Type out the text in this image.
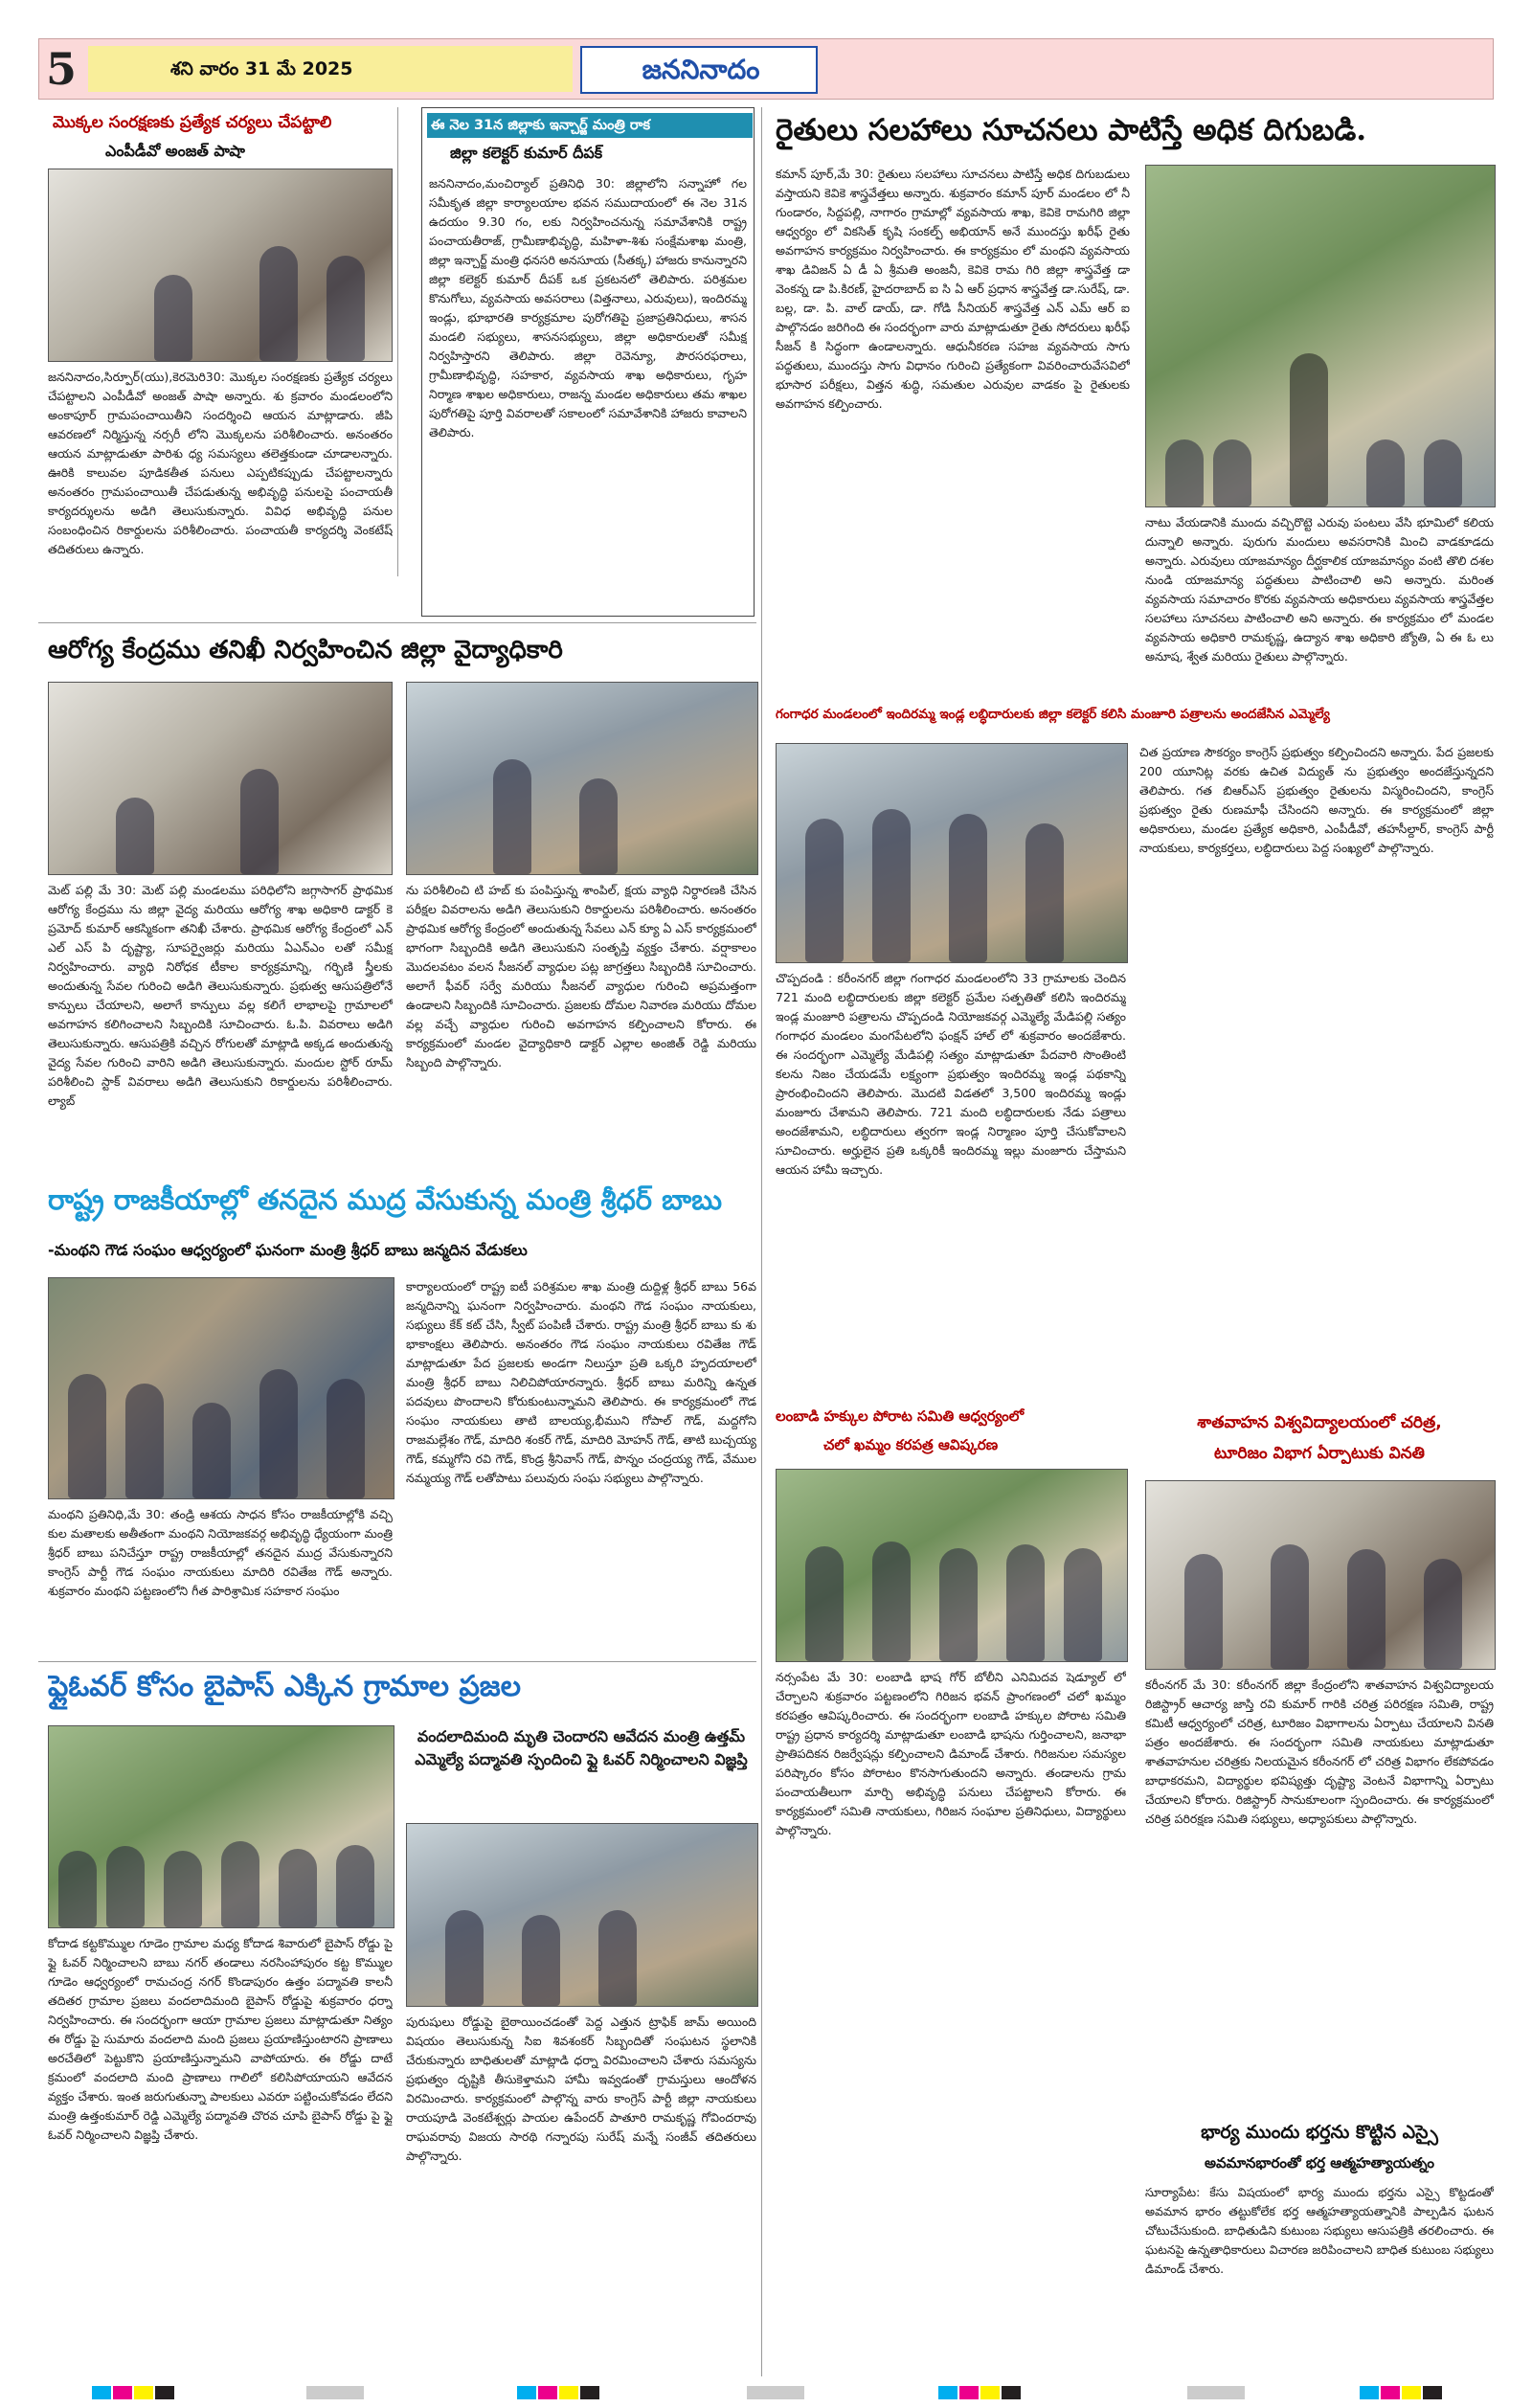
5	శని వారం 31 మే 2025	జననినాదం
మొక్కల సంరక్షణకు ప్రత్యేక చర్యలు చేపట్టాలి
ఎంపీడీవో అంజత్ పాషా
జననినాదం,సిర్పూర్(యు),కెరమెరి30: మొక్కల సంరక్షణకు ప్రత్యేక చర్యలు చేపట్టాలని ఎంపీడీవో అంజత్ పాషా అన్నారు. శు క్రవారం మండలంలోని అంకాపూర్ గ్రామపంచాయితీని సందర్శించి ఆయన మాట్లాడారు. జీపి ఆవరణలో నిర్మిస్తున్న నర్సరీ లోని మొక్కలను పరిశీలించారు. అనంతరం ఆయన మాట్లాడుతూ పారిశు ధ్య సమస్యలు తలెత్తకుండా చూడాలన్నారు. ఊరికి కాలువల పూడికతీత పనులు ఎప్పటికప్పుడు చేపట్టాలన్నారు అనంతరం గ్రామపంచాయితీ చేపడుతున్న అభివృద్ధి పనులపై పంచాయతీ కార్యదర్శులను అడిగి తెలుసుకున్నారు. వివిధ అభివృద్ధి పనుల సంబంధించిన రికార్డులను పరిశీలించారు. పంచాయతీ కార్యదర్శి వెంకటేష్ తదితరులు ఉన్నారు.
ఈ నెల 31న జిల్లాకు ఇన్చార్జ్ మంత్రి రాక
జిల్లా కలెక్టర్ కుమార్ దీపక్
జననినాదం,మంచిర్యాల్ ప్రతినిధి 30: జిల్లాలోని సన్నాహో గల సమీకృత జిల్లా కార్యాలయాల భవన సముదాయంలో ఈ నెల 31న ఉదయం 9.30 గం, లకు నిర్వహించనున్న సమావేశానికి రాష్ట్ర పంచాయతీరాజ్, గ్రామీణాభివృద్ధి, మహిళా-శిశు సంక్షేమశాఖ మంత్రి, జిల్లా ఇన్చార్జ్ మంత్రి ధనసరి అనసూయ (సీతక్క) హాజరు కానున్నారని జిల్లా కలెక్టర్ కుమార్ దీపక్ ఒక ప్రకటనలో తెలిపారు. పరిశ్రమల కొనుగోలు, వ్యవసాయ అవసరాలు (విత్తనాలు, ఎరువులు), ఇందిరమ్మ ఇండ్లు, భూభారతి కార్యక్రమాల పురోగతిపై ప్రజాప్రతినిధులు, శాసన మండలి సభ్యులు, శాసనసభ్యులు, జిల్లా అధికారులతో సమీక్ష నిర్వహిస్తారని తెలిపారు. జిల్లా రెవెన్యూ, పౌరసరఫరాలు, గ్రామీణాభివృద్ధి, సహకార, వ్యవసాయ శాఖ అధికారులు, గృహ నిర్మాణ శాఖల అధికారులు, రాజన్న మండల అధికారులు తమ శాఖల పురోగతిపై పూర్తి వివరాలతో సకాలంలో సమావేశానికి హాజరు కావాలని తెలిపారు.
రైతులు సలహాలు సూచనలు పాటిస్తే అధిక దిగుబడి.
కమాన్ పూర్,మే 30: రైతులు సలహాలు సూచనలు పాటిస్తే అధిక దిగుబడులు వస్తాయని కెవికె శాస్త్రవేత్తలు అన్నారు. శుక్రవారం కమాన్ పూర్ మండలం లో నీ గుండారం, సిద్దపల్లి, నాగారం గ్రామాల్లో వ్యవసాయ శాఖ, కెవికె రామగిరి జిల్లా ఆధ్వర్యం లో వికసిత్ కృషి సంకల్ప్ అభియాన్ అనే ముందస్తు ఖరీఫ్ రైతు అవగాహన కార్యక్రమం నిర్వహించారు. ఈ కార్యక్రమం లో మంథని వ్యవసాయ శాఖ డివిజన్ ఏ డీ ఏ శ్రీమతి అంజనీ, కెవికె రామ గిరి జిల్లా శాస్త్రవేత్త డా వెంకన్న డా పి.కిరణ్, హైదరాబాద్ ఐ సి ఏ ఆర్ ప్రధాన శాస్త్రవేత్త డా.సురేష్, డా. బల్ల, డా. పి. వాల్ డాయ్, డా. గోడి సీనియర్ శాస్త్రవేత్త ఎన్ ఎమ్ ఆర్ ఐ పాల్గొనడం జరిగింది ఈ సందర్భంగా వారు మాట్లాడుతూ రైతు సోదరులు ఖరీఫ్ సీజన్ కి సిద్ధంగా ఉండాలన్నారు. ఆధునీకరణ సహజ వ్యవసాయ సాగు పద్ధతులు, ముందస్తు సాగు విధానం గురించి ప్రత్యేకంగా వివరించారువేసవిలో భూసార పరీక్షలు, విత్తన శుద్ధి, సమతుల ఎరువుల వాడకం పై రైతులకు అవగాహన కల్పించారు.
నాటు వేయడానికి ముందు వచ్చిరొట్టె ఎరువు పంటలు వేసి భూమిలో కలియ దున్నాలి అన్నారు. పురుగు మందులు అవసరానికి మించి వాడకూడదు అన్నారు. ఎరువులు యాజమాన్యం దీర్ఘకాలిక యాజమాన్యం వంటి తొలి దశల నుండి యాజమాన్య పద్ధతులు పాటించాలి అని అన్నారు. మరింత వ్యవసాయ సమాచారం కొరకు వ్యవసాయ అధికారులు వ్యవసాయ శాస్త్రవేత్తల సలహాలు సూచనలు పాటించాలి అని అన్నారు. ఈ కార్యక్రమం లో మండల వ్యవసాయ అధికారి రామకృష్ణ, ఉద్యాన శాఖ అధికారి జ్యోతి, ఏ ఈ ఓ లు అనూష, శ్వేత మరియు రైతులు పాల్గొన్నారు.
ఆరోగ్య కేంద్రము తనిఖీ నిర్వహించిన జిల్లా వైద్యాధికారి
మెట్ పల్లి మే 30: మెట్ పల్లి మండలము పరిధిలోని జగ్గాసాగర్ ప్రాథమిక ఆరోగ్య కేంద్రము ను జిల్లా వైద్య మరియు ఆరోగ్య శాఖ అధికారి డాక్టర్ కె ప్రమోద్ కుమార్ ఆకస్మికంగా తనిఖీ చేశారు. ప్రాథమిక ఆరోగ్య కేంద్రంలో ఎన్ ఎల్ ఎస్ పి దృష్ట్యా, సూపర్వైజర్లు మరియు ఏఎన్ఎం లతో సమీక్ష నిర్వహించారు. వ్యాధి నిరోధక టీకాల కార్యక్రమాన్ని, గర్భిణి స్త్రీలకు అందుతున్న సేవల గురించి అడిగి తెలుసుకున్నారు. ప్రభుత్వ ఆసుపత్రిలోనే కాన్పులు చేయాలని, అలాగే కాన్పులు వల్ల కలిగే లాభాలపై గ్రామాలలో అవగాహన కలిగించాలని సిబ్బందికి సూచించారు. ఓ.పి. వివరాలు అడిగి తెలుసుకున్నారు. ఆసుపత్రికి వచ్చిన రోగులతో మాట్లాడి అక్కడ అందుతున్న వైద్య సేవల గురించి వారిని అడిగి తెలుసుకున్నారు. మందుల స్టోర్ రూమ్ పరిశీలించి స్టాక్ వివరాలు అడిగి తెలుసుకుని రికార్డులను పరిశీలించారు. ల్యాబ్
ను పరిశీలించి టి హబ్ కు పంపిస్తున్న శాంపిల్, క్షయ వ్యాధి నిర్ధారణకి చేసిన పరీక్షల వివరాలను అడిగి తెలుసుకుని రికార్డులను పరిశీలించారు. అనంతరం ప్రాథమిక ఆరోగ్య కేంద్రంలో అందుతున్న సేవలు ఎన్ క్యూ ఏ ఎస్ కార్యక్రమంలో భాగంగా సిబ్బందికి అడిగి తెలుసుకుని సంతృప్తి వ్యక్తం చేశారు. వర్షాకాలం మొదలవటం వలన సీజనల్ వ్యాధుల పట్ల జాగ్రత్తలు సిబ్బందికి సూచించారు. అలాగే ఫీవర్ సర్వే మరియు సీజనల్ వ్యాధుల గురించి అప్రమత్తంగా ఉండాలని సిబ్బందికి సూచించారు. ప్రజలకు దోమల నివారణ మరియు దోమల వల్ల వచ్చే వ్యాధుల గురించి అవగాహన కల్పించాలని కోరారు. ఈ కార్యక్రమంలో మండల వైద్యాధికారి డాక్టర్ ఎల్లాల అంజిత్ రెడ్డి మరియు సిబ్బంది పాల్గొన్నారు.
రాష్ట్ర రాజకీయాల్లో తనదైన ముద్ర వేసుకున్న మంత్రి శ్రీధర్ బాబు
-మంథని గౌడ సంఘం ఆధ్వర్యంలో ఘనంగా మంత్రి శ్రీధర్ బాబు జన్మదిన వేడుకలు
మంథని ప్రతినిధి,మే 30: తండ్రి ఆశయ సాధన కోసం రాజకీయాల్లోకి వచ్చి కుల మతాలకు అతీతంగా మంథని నియోజకవర్గ అభివృద్ధి ధ్యేయంగా మంత్రి శ్రీధర్ బాబు పనిచేస్తూ రాష్ట్ర రాజకీయాల్లో తనదైన ముద్ర వేసుకున్నారని కాంగ్రెస్ పార్టీ గౌడ సంఘం నాయకులు మాదిరి రవితేజ గౌడ్ అన్నారు. శుక్రవారం మంథని పట్టణంలోని గీత పారిశ్రామిక సహకార సంఘం
కార్యాలయంలో రాష్ట్ర ఐటీ పరిశ్రమల శాఖ మంత్రి దుద్దిళ్ల శ్రీధర్ బాబు 56వ జన్మదినాన్ని ఘనంగా నిర్వహించారు. మంథని గౌడ సంఘం నాయకులు, సభ్యులు కేక్ కట్ చేసి, స్వీట్ పంపిణీ చేశారు. రాష్ట్ర మంత్రి శ్రీధర్ బాబు కు శు భాకాంక్షలు తెలిపారు. అనంతరం గౌడ సంఘం నాయకులు రవితేజ గౌడ్ మాట్లాడుతూ పేద ప్రజలకు అండగా నిలుస్తూ ప్రతి ఒక్కరి హృదయాలలో మంత్రి శ్రీధర్ బాబు నిలిచిపోయారన్నారు. శ్రీధర్ బాబు మరిన్ని ఉన్నత పదవులు పొందాలని కోరుకుంటున్నామని తెలిపారు. ఈ కార్యక్రమంలో గౌడ సంఘం నాయకులు తాటి బాలయ్య,భీముని గోపాల్ గౌడ్, మద్దగోని రాజమల్లేశం గౌడ్, మాదిరి శంకర్ గౌడ్, మాదిరి మోహన్ గౌడ్, తాటి బుచ్చయ్య గౌడ్, కమ్మగోని రవి గౌడ్, కొండ్ర శ్రీనివాస్ గౌడ్, పొన్నం చంద్రయ్య గౌడ్, వేముల నమ్మయ్య గౌడ్ లతోపాటు పలువురు సంఘ సభ్యులు పాల్గొన్నారు.
ఫ్లైఓవర్ కోసం బైపాస్ ఎక్కిన గ్రామాల ప్రజల
వందలాదిమంది మృతి చెందారని ఆవేదన మంత్రి ఉత్తమ్ ఎమ్మెల్యే పద్మావతి స్పందించి ఫ్లై ఓవర్ నిర్మించాలని విజ్ఞప్తి
కోదాడ కట్టకొమ్ముల గూడెం గ్రామాల మధ్య కోదాడ శివారులో బైపాస్ రోడ్డు పై ఫ్లై ఓవర్ నిర్మించాలని బాబు నగర్ తండాలు నరసింహాపురం కట్ట కొమ్ముల గూడెం ఆధ్వర్యంలో రామచంద్ర నగర్ కొండాపురం ఉత్తం పద్మావతి కాలనీ తదితర గ్రామాల ప్రజలు వందలాదిమంది బైపాస్ రోడ్డుపై శుక్రవారం ధర్నా నిర్వహించారు. ఈ సందర్భంగా ఆయా గ్రామాల ప్రజలు మాట్లాడుతూ నిత్యం ఈ రోడ్డు పై సుమారు వందలాది మంది ప్రజలు ప్రయాణిస్తుంటారని ప్రాణాలు అరచేతిలో పెట్టుకొని ప్రయాణిస్తున్నామని వాపోయారు. ఈ రోడ్డు దాటే క్రమంలో వందలాది మంది ప్రాణాలు గాలిలో కలిసిపోయాయని ఆవేదన వ్యక్తం చేశారు. ఇంత జరుగుతున్నా పాలకులు ఎవరూ పట్టించుకోవడం లేదని మంత్రి ఉత్తంకుమార్ రెడ్డి ఎమ్మెల్యే పద్మావతి చొరవ చూపి బైపాస్ రోడ్డు పై ఫ్లై ఓవర్ నిర్మించాలని విజ్ఞప్తి చేశారు.
పురుషులు రోడ్డుపై బైఠాయించడంతో పెద్ద ఎత్తున ట్రాఫిక్ జామ్ అయింది విషయం తెలుసుకున్న సిఐ శివశంకర్ సిబ్బందితో సంఘటన స్థలానికి చేరుకున్నారు బాధితులతో మాట్లాడి ధర్నా విరమించాలని చేశారు సమస్యను ప్రభుత్వం దృష్టికి తీసుకెళ్తామని హామీ ఇవ్వడంతో గ్రామస్తులు ఆందోళన విరమించారు. కార్యక్రమంలో పాల్గొన్న వారు కాంగ్రెస్ పార్టీ జిల్లా నాయకులు రాయపూడి వెంకటేశ్వర్లు పాయల ఉపేందర్ పాతూరి రామకృష్ణ గోవిందరావు రాఘవరావు విజయ సారథి గన్నారపు సురేష్ మన్నే సంజీవ్ తదితరులు పాల్గొన్నారు.
గంగాధర మండలంలో ఇందిరమ్మ ఇండ్ల లబ్ధిదారులకు జిల్లా కలెక్టర్ కలిసి మంజూరి పత్రాలను అందజేసిన ఎమ్మెల్యే
చొప్పదండి : కరీంనగర్ జిల్లా గంగాధర మండలంలోని 33 గ్రామాలకు చెందిన 721 మంది లబ్ధిదారులకు జిల్లా కలెక్టర్ ప్రమేల సత్పతితో కలిసి ఇందిరమ్మ ఇండ్ల మంజూరి పత్రాలను చొప్పదండి నియోజకవర్గ ఎమ్మెల్యే మేడిపల్లి సత్యం గంగాధర మండలం మంగపేటలోని ఫంక్షన్ హాల్ లో శుక్రవారం అందజేశారు. ఈ సందర్భంగా ఎమ్మెల్యే మేడిపల్లి సత్యం మాట్లాడుతూ పేదవారి సొంతింటి కలను నిజం చేయడమే లక్ష్యంగా ప్రభుత్వం ఇందిరమ్మ ఇండ్ల పథకాన్ని ప్రారంభించిందని తెలిపారు. మొదటి విడతలో 3,500 ఇందిరమ్మ ఇండ్లు మంజూరు చేశామని తెలిపారు. 721 మంది లబ్ధిదారులకు నేడు పత్రాలు అందజేశామని, లబ్ధిదారులు త్వరగా ఇండ్ల నిర్మాణం పూర్తి చేసుకోవాలని సూచించారు. అర్హులైన ప్రతి ఒక్కరికీ ఇందిరమ్మ ఇల్లు మంజూరు చేస్తామని ఆయన హామీ ఇచ్చారు.
చిత ప్రయాణ సౌకర్యం కాంగ్రెస్ ప్రభుత్వం కల్పించిందని అన్నారు. పేద ప్రజలకు 200 యూనిట్ల వరకు ఉచిత విద్యుత్ ను ప్రభుత్వం అందజేస్తున్నదని తెలిపారు. గత బిఆర్ఎస్ ప్రభుత్వం రైతులను విస్మరించిందని, కాంగ్రెస్ ప్రభుత్వం రైతు రుణమాఫీ చేసిందని అన్నారు. ఈ కార్యక్రమంలో జిల్లా అధికారులు, మండల ప్రత్యేక అధికారి, ఎంపీడీవో, తహసీల్దార్, కాంగ్రెస్ పార్టీ నాయకులు, కార్యకర్తలు, లబ్ధిదారులు పెద్ద సంఖ్యలో పాల్గొన్నారు.
లంబాడి హక్కుల పోరాట సమితి ఆధ్వర్యంలో
చలో ఖమ్మం కరపత్ర ఆవిష్కరణ
నర్సంపేట మే 30: లంబాడి భాష గోర్ బోలీని ఎనిమిదవ షెడ్యూల్ లో చేర్చాలని శుక్రవారం పట్టణంలోని గిరిజన భవన్ ప్రాంగణంలో చలో ఖమ్మం కరపత్రం ఆవిష్కరించారు. ఈ సందర్భంగా లంబాడి హక్కుల పోరాట సమితి రాష్ట్ర ప్రధాన కార్యదర్శి మాట్లాడుతూ లంబాడి భాషను గుర్తించాలని, జనాభా ప్రాతిపదికన రిజర్వేషన్లు కల్పించాలని డిమాండ్ చేశారు. గిరిజనుల సమస్యల పరిష్కారం కోసం పోరాటం కొనసాగుతుందని అన్నారు. తండాలను గ్రామ పంచాయతీలుగా మార్చి అభివృద్ధి పనులు చేపట్టాలని కోరారు. ఈ కార్యక్రమంలో సమితి నాయకులు, గిరిజన సంఘాల ప్రతినిధులు, విద్యార్థులు పాల్గొన్నారు.
శాతవాహన విశ్వవిద్యాలయంలో చరిత్ర,
టూరిజం విభాగ ఏర్పాటుకు వినతి
కరీంనగర్ మే 30: కరీంనగర్ జిల్లా కేంద్రంలోని శాతవాహన విశ్వవిద్యాలయ రిజిస్ట్రార్ ఆచార్య జాస్తి రవి కుమార్ గారికి చరిత్ర పరిరక్షణ సమితి, రాష్ట్ర కమిటీ ఆధ్వర్యంలో చరిత్ర, టూరిజం విభాగాలను ఏర్పాటు చేయాలని వినతి పత్రం అందజేశారు. ఈ సందర్భంగా సమితి నాయకులు మాట్లాడుతూ శాతవాహనుల చరిత్రకు నిలయమైన కరీంనగర్ లో చరిత్ర విభాగం లేకపోవడం బాధాకరమని, విద్యార్థుల భవిష్యత్తు దృష్ట్యా వెంటనే విభాగాన్ని ఏర్పాటు చేయాలని కోరారు. రిజిస్ట్రార్ సానుకూలంగా స్పందించారు. ఈ కార్యక్రమంలో చరిత్ర పరిరక్షణ సమితి సభ్యులు, అధ్యాపకులు పాల్గొన్నారు.
భార్య ముందు భర్తను కొట్టిన ఎస్సై
అవమానభారంతో భర్త ఆత్మహత్యాయత్నం
సూర్యాపేట: కేసు విషయంలో భార్య ముందు భర్తను ఎస్సై కొట్టడంతో అవమాన భారం తట్టుకోలేక భర్త ఆత్మహత్యాయత్నానికి పాల్పడిన ఘటన చోటుచేసుకుంది. బాధితుడిని కుటుంబ సభ్యులు ఆసుపత్రికి తరలించారు. ఈ ఘటనపై ఉన్నతాధికారులు విచారణ జరిపించాలని బాధిత కుటుంబ సభ్యులు డిమాండ్ చేశారు.
